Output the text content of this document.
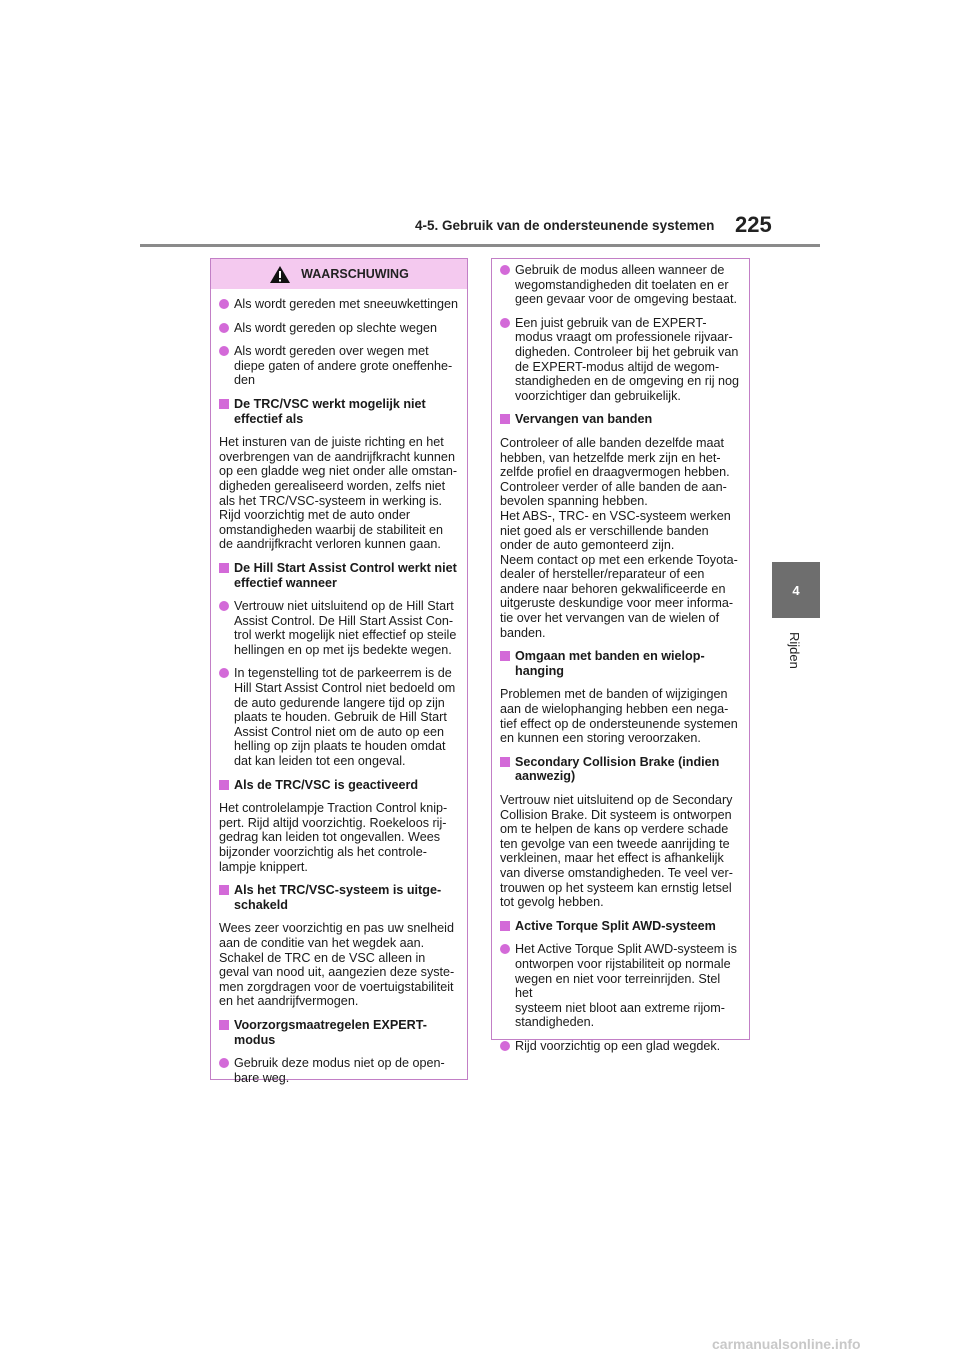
4-5. Gebruik van de ondersteunende systemen 225
4
Rijden
WAARSCHUWING
Als wordt gereden met sneeuwkettingen
Als wordt gereden op slechte wegen
Als wordt gereden over wegen met
diepe gaten of andere grote oneffenhe-
den
De TRC/VSC werkt mogelijk niet
effectief als
Het insturen van de juiste richting en het
overbrengen van de aandrijfkracht kunnen
op een gladde weg niet onder alle omstan-
digheden gerealiseerd worden, zelfs niet
als het TRC/VSC-systeem in werking is.
Rijd voorzichtig met de auto onder
omstandigheden waarbij de stabiliteit en
de aandrijfkracht verloren kunnen gaan.
De Hill Start Assist Control werkt niet
effectief wanneer
Vertrouw niet uitsluitend op de Hill Start
Assist Control. De Hill Start Assist Con-
trol werkt mogelijk niet effectief op steile
hellingen en op met ijs bedekte wegen.
In tegenstelling tot de parkeerrem is de
Hill Start Assist Control niet bedoeld om
de auto gedurende langere tijd op zijn
plaats te houden. Gebruik de Hill Start
Assist Control niet om de auto op een
helling op zijn plaats te houden omdat
dat kan leiden tot een ongeval.
Als de TRC/VSC is geactiveerd
Het controlelampje Traction Control knip-
pert. Rijd altijd voorzichtig. Roekeloos rij-
gedrag kan leiden tot ongevallen. Wees
bijzonder voorzichtig als het controle-
lampje knippert.
Als het TRC/VSC-systeem is uitge-
schakeld
Wees zeer voorzichtig en pas uw snelheid
aan de conditie van het wegdek aan.
Schakel de TRC en de VSC alleen in
geval van nood uit, aangezien deze syste-
men zorgdragen voor de voertuigstabiliteit
en het aandrijfvermogen.
Voorzorgsmaatregelen EXPERT-
modus
Gebruik deze modus niet op de open-
bare weg.
Gebruik de modus alleen wanneer de
wegomstandigheden dit toelaten en er
geen gevaar voor de omgeving bestaat.
Een juist gebruik van de EXPERT-
modus vraagt om professionele rijvaar-
digheden. Controleer bij het gebruik van
de EXPERT-modus altijd de wegom-
standigheden en de omgeving en rij nog
voorzichtiger dan gebruikelijk.
Vervangen van banden
Controleer of alle banden dezelfde maat
hebben, van hetzelfde merk zijn en het-
zelfde profiel en draagvermogen hebben.
Controleer verder of alle banden de aan-
bevolen spanning hebben.
Het ABS-, TRC- en VSC-systeem werken
niet goed als er verschillende banden
onder de auto gemonteerd zijn.
Neem contact op met een erkende Toyota-
dealer of hersteller/reparateur of een
andere naar behoren gekwalificeerde en
uitgeruste deskundige voor meer informa-
tie over het vervangen van de wielen of
banden.
Omgaan met banden en wielop-
hanging
Problemen met de banden of wijzigingen
aan de wielophanging hebben een nega-
tief effect op de ondersteunende systemen
en kunnen een storing veroorzaken.
Secondary Collision Brake (indien
aanwezig)
Vertrouw niet uitsluitend op de Secondary
Collision Brake. Dit systeem is ontworpen
om te helpen de kans op verdere schade
ten gevolge van een tweede aanrijding te
verkleinen, maar het effect is afhankelijk
van diverse omstandigheden. Te veel ver-
trouwen op het systeem kan ernstig letsel
tot gevolg hebben.
Active Torque Split AWD-systeem
Het Active Torque Split AWD-systeem is
ontworpen voor rijstabiliteit op normale
wegen en niet voor terreinrijden. Stel het
systeem niet bloot aan extreme rijom-
standigheden.
Rijd voorzichtig op een glad wegdek.
carmanualsonline.info
